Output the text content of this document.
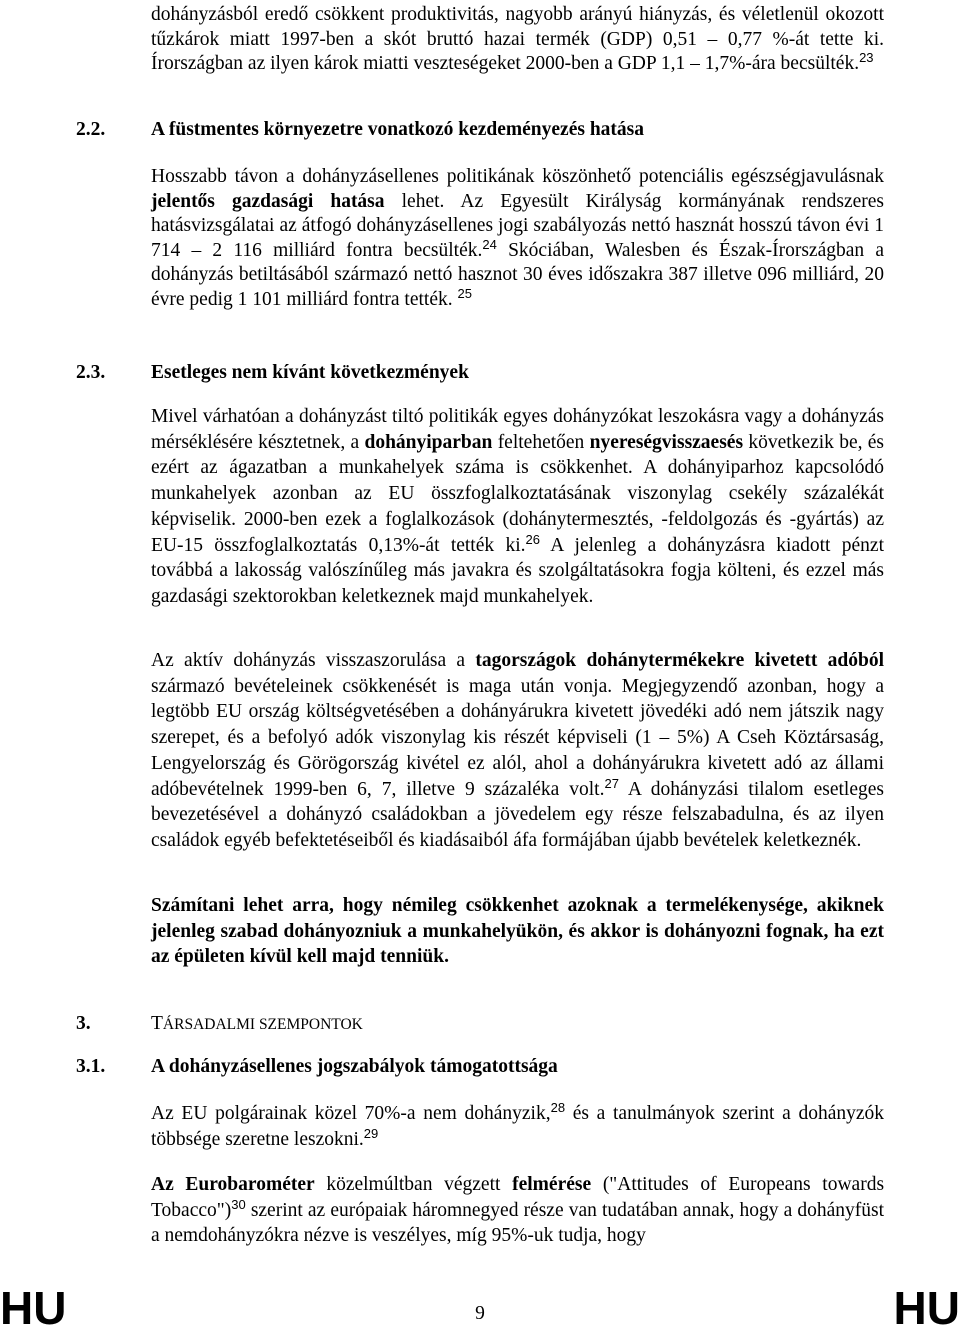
dohányzásból eredő csökkent produktivitás, nagyobb arányú hiányzás, és véletlenül okozott tűzkárok miatt 1997-ben a skót bruttó hazai termék (GDP) 0,51 – 0,77 %-át tette ki. Írországban az ilyen károk miatti veszteségeket 2000-ben a GDP 1,1 – 1,7%-ára becsülték.$^{23}$

2.2. A füstmentes környezetre vonatkozó kezdeményezés hatása

Hosszabb távon a dohányzásellenes politikának köszönhető potenciális egészségjavulásnak jelentős gazdasági hatása lehet. Az Egyesült Királyság kormányának rendszeres hatásvizsgálatai az átfogó dohányzásellenes jogi szabályozás nettó hasznát hosszú távon évi 1 714 – 2 116 milliárd fontra becsülték.$^{24}$ Skóciában, Walesben és Észak-Írországban a dohányzás betiltásából származó nettó hasznot 30 éves időszakra 387 illetve 096 milliárd, 20 évre pedig 1 101 milliárd fontra tették. $^{25}$

2.3. Esetleges nem kívánt következmények

Mivel várhatóan a dohányzást tiltó politikák egyes dohányzókat leszokásra vagy a dohányzás mérséklésére késztetnek, a dohányiparban feltehetően nyereségvisszaesés következik be, és ezért az ágazatban a munkahelyek száma is csökkenhet. A dohányiparhoz kapcsolódó munkahelyek azonban az EU összfoglalkoztatásának viszonylag csekély százalékát képviselik. 2000-ben ezek a foglalkozások (dohánytermesztés, -feldolgozás és -gyártás) az EU-15 összfoglalkoztatás 0,13%-át tették ki.$^{26}$ A jelenleg a dohányzásra kiadott pénzt továbbá a lakosság valószínűleg más javakra és szolgáltatásokra fogja költeni, és ezzel más gazdasági szektorokban keletkeznek majd munkahelyek.

Az aktív dohányzás visszaszorulása a tagországok dohánytermékekre kivetett adóból származó bevételeinek csökkenését is maga után vonja. Megjegyzendő azonban, hogy a legtöbb EU ország költségvetésében a dohányárukra kivetett jövedéki adó nem játszik nagy szerepet, és a befolyó adók viszonylag kis részét képviseli (1 – 5%) A Cseh Köztársaság, Lengyelország és Görögország kivétel ez alól, ahol a dohányárukra kivetett adó az állami adóbevételnek 1999-ben 6, 7, illetve 9 százaléka volt.$^{27}$ A dohányzási tilalom esetleges bevezetésével a dohányzó családokban a jövedelem egy része felszabadulna, és az ilyen családok egyéb befektetéseiből és kiadásaiból áfa formájában újabb bevételek keletkeznék.

Számítani lehet arra, hogy némileg csökkenhet azoknak a termelékenysége, akiknek jelenleg szabad dohányozniuk a munkahelyükön, és akkor is dohányozni fognak, ha ezt az épületen kívül kell majd tenniük.

3.	TÁRSADALMI SZEMPONTOK
3.1. A dohányzásellenes jogszabályok támogatottsága

Az EU polgárainak közel 70%-a nem dohányzik,$^{28}$ és a tanulmányok szerint a dohányzók többsége szeretne leszokni.$^{29}$

Az Eurobarométer közelmúltban végzett felmérése ("Attitudes of Europeans towards Tobacco")$^{30}$ szerint az európaiak háromnegyed része van tudatában annak, hogy a dohányfüst a nemdohányzókra nézve is veszélyes, míg 95%-uk tudja, hogy

HU	9	HU
